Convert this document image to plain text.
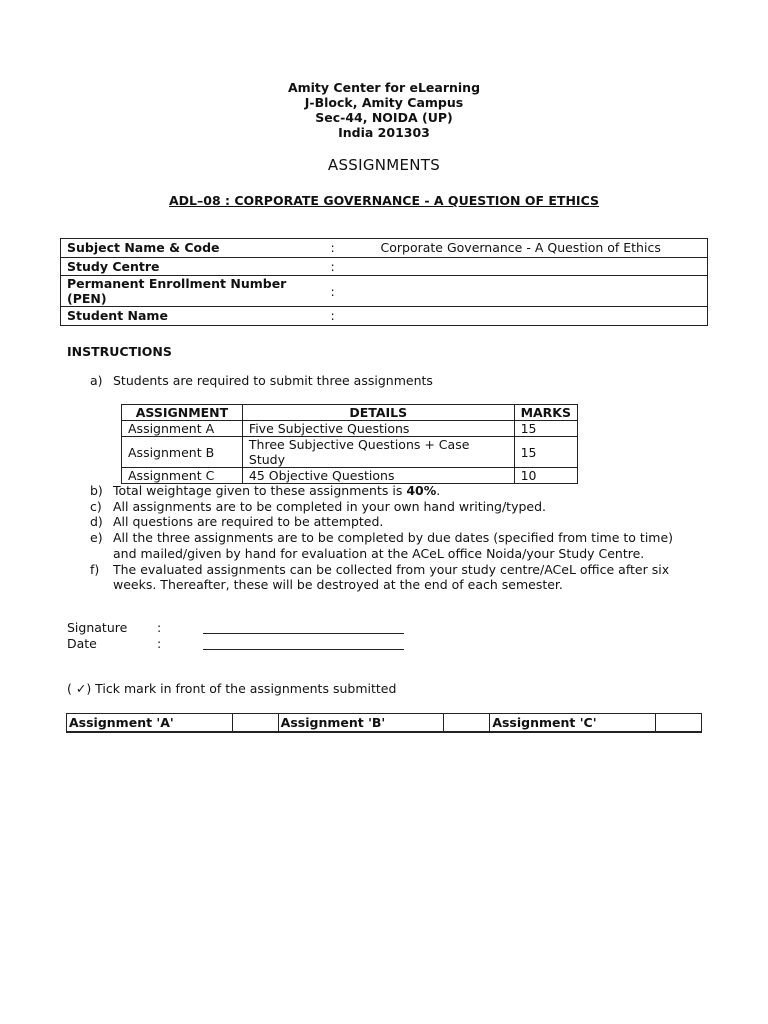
Amity Center for eLearning
J-Block, Amity Campus
Sec-44, NOIDA (UP)
India 201303
ASSIGNMENTS
ADL–08 : CORPORATE GOVERNANCE - A QUESTION OF ETHICS
Subject Name & Code	:	Corporate Governance - A Question of Ethics
Study Centre	:	
Permanent Enrollment Number (PEN)	:	
Student Name	:	
INSTRUCTIONS
a) Students are required to submit three assignments
ASSIGNMENT	DETAILS	MARKS
Assignment A	Five Subjective Questions	15
Assignment B	Three Subjective Questions + Case Study	15
Assignment C	45 Objective Questions	10
b) Total weightage given to these assignments is 40%.
c) All assignments are to be completed in your own hand writing/typed.
d) All questions are required to be attempted.
e) All the three assignments are to be completed by due dates (specified from time to time) and mailed/given by hand for evaluation at the ACeL office Noida/your Study Centre.
f)	The evaluated assignments can be collected from your study centre/ACeL office after six weeks. Thereafter, these will be destroyed at the end of each semester.
Signature	:
Date	:
( ✓) Tick mark in front of the assignments submitted
Assignment 'A'		Assignment 'B'		Assignment 'C'	
